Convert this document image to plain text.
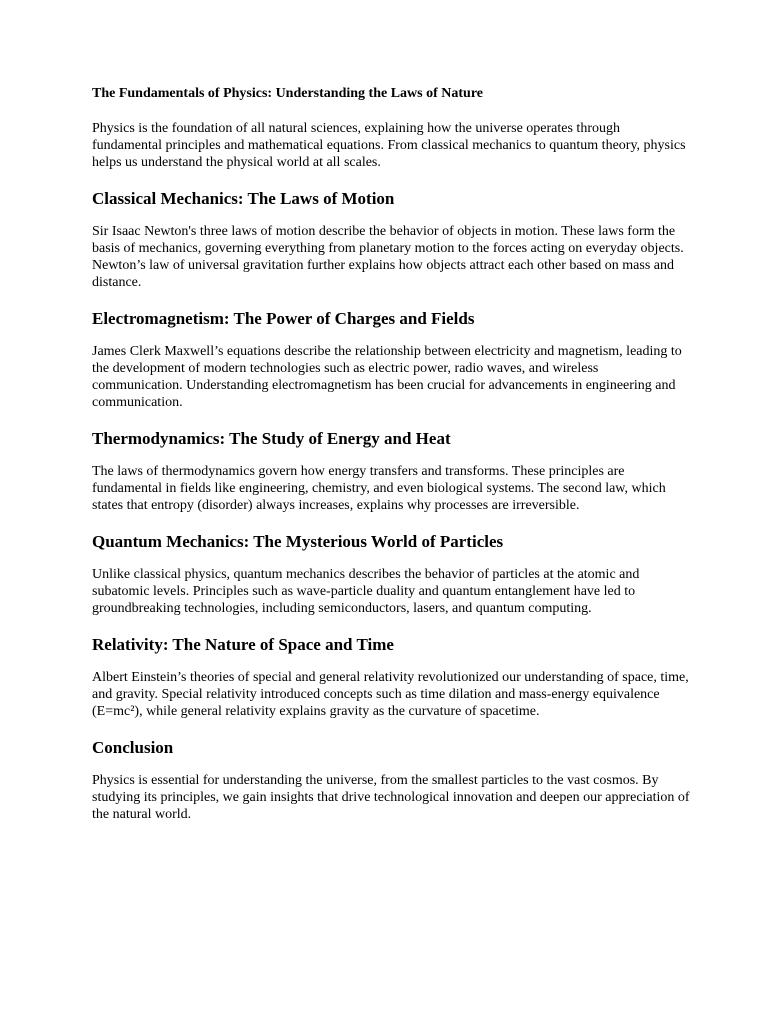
The Fundamentals of Physics: Understanding the Laws of Nature

Physics is the foundation of all natural sciences, explaining how the universe operates through fundamental principles and mathematical equations. From classical mechanics to quantum theory, physics helps us understand the physical world at all scales.

Classical Mechanics: The Laws of Motion

Sir Isaac Newton's three laws of motion describe the behavior of objects in motion. These laws form the basis of mechanics, governing everything from planetary motion to the forces acting on everyday objects. Newton’s law of universal gravitation further explains how objects attract each other based on mass and distance.

Electromagnetism: The Power of Charges and Fields

James Clerk Maxwell’s equations describe the relationship between electricity and magnetism, leading to the development of modern technologies such as electric power, radio waves, and wireless communication. Understanding electromagnetism has been crucial for advancements in engineering and communication.

Thermodynamics: The Study of Energy and Heat

The laws of thermodynamics govern how energy transfers and transforms. These principles are fundamental in fields like engineering, chemistry, and even biological systems. The second law, which states that entropy (disorder) always increases, explains why processes are irreversible.

Quantum Mechanics: The Mysterious World of Particles

Unlike classical physics, quantum mechanics describes the behavior of particles at the atomic and subatomic levels. Principles such as wave-particle duality and quantum entanglement have led to groundbreaking technologies, including semiconductors, lasers, and quantum computing.

Relativity: The Nature of Space and Time

Albert Einstein’s theories of special and general relativity revolutionized our understanding of space, time, and gravity. Special relativity introduced concepts such as time dilation and mass-energy equivalence (E=mc²), while general relativity explains gravity as the curvature of spacetime.

Conclusion

Physics is essential for understanding the universe, from the smallest particles to the vast cosmos. By studying its principles, we gain insights that drive technological innovation and deepen our appreciation of the natural world.
